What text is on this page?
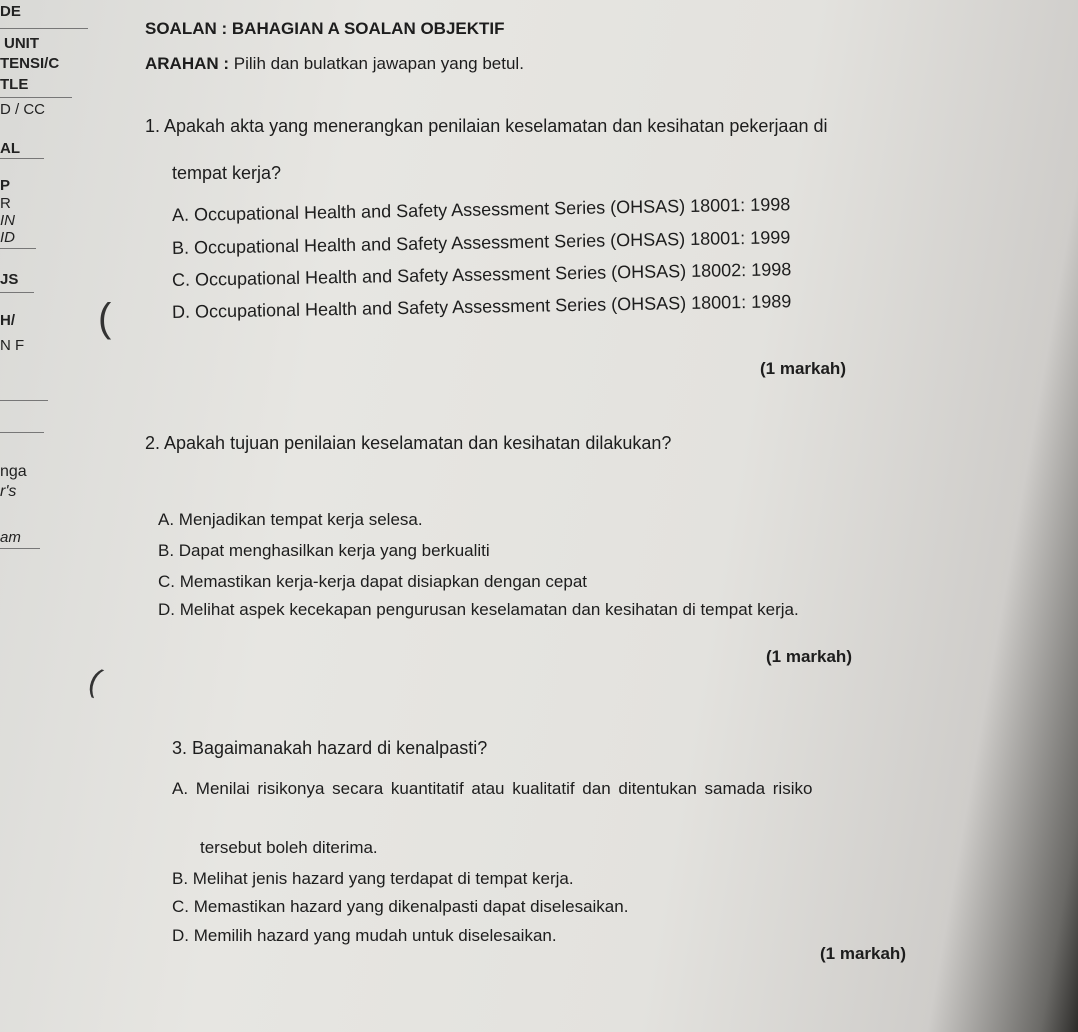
DE
UNIT
TENSI/C
TLE
D / CC
AL
P
R
IN
ID
JS
H/
N F
nga
r's
am
(
(
SOALAN : BAHAGIAN A SOALAN OBJEKTIF
ARAHAN : Pilih dan bulatkan jawapan yang betul.
1. Apakah akta yang menerangkan penilaian keselamatan dan kesihatan pekerjaan di
tempat kerja?
A. Occupational Health and Safety Assessment Series (OHSAS) 18001: 1998
B. Occupational Health and Safety Assessment Series (OHSAS) 18001: 1999
C. Occupational Health and Safety Assessment Series (OHSAS) 18002: 1998
D. Occupational Health and Safety Assessment Series (OHSAS) 18001: 1989
(1 markah)
2. Apakah tujuan penilaian keselamatan dan kesihatan dilakukan?
A. Menjadikan tempat kerja selesa.
B. Dapat menghasilkan kerja yang berkualiti
C. Memastikan kerja-kerja dapat disiapkan dengan cepat
D. Melihat aspek kecekapan pengurusan keselamatan dan kesihatan di tempat kerja.
(1 markah)
3. Bagaimanakah hazard di kenalpasti?
A. Menilai risikonya secara kuantitatif atau kualitatif dan ditentukan samada risiko
tersebut boleh diterima.
B. Melihat jenis hazard yang terdapat di tempat kerja.
C. Memastikan hazard yang dikenalpasti dapat diselesaikan.
D. Memilih hazard yang mudah untuk diselesaikan.
(1 markah)
